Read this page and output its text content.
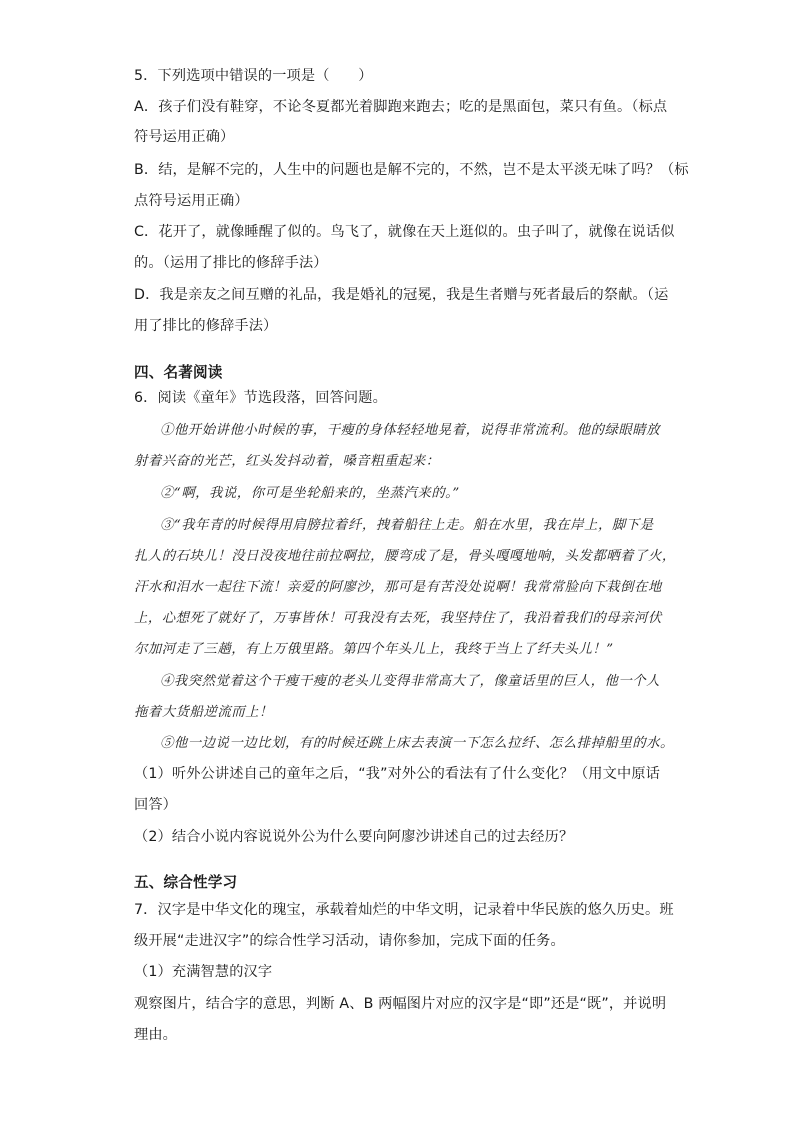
5．下列选项中错误的一项是（　　）
A．孩子们没有鞋穿，不论冬夏都光着脚跑来跑去；吃的是黑面包，菜只有鱼。（标点
符号运用正确）
B．结，是解不完的，人生中的问题也是解不完的，不然，岂不是太平淡无味了吗？（标
点符号运用正确）
C．花开了，就像睡醒了似的。鸟飞了，就像在天上逛似的。虫子叫了，就像在说话似
的。（运用了排比的修辞手法）
D．我是亲友之间互赠的礼品，我是婚礼的冠冕，我是生者赠与死者最后的祭献。（运
用了排比的修辞手法）
四、名著阅读
6．阅读《童年》节选段落，回答问题。
①他开始讲他小时候的事，干瘦的身体轻轻地晃着，说得非常流利。他的绿眼睛放
射着兴奋的光芒，红头发抖动着，嗓音粗重起来：
②“啊，我说，你可是坐轮船来的，坐蒸汽来的。”
③“我年青的时候得用肩膀拉着纤，拽着船往上走。船在水里，我在岸上，脚下是
扎人的石块儿！没日没夜地往前拉啊拉，腰弯成了是，骨头嘎嘎地响，头发都晒着了火，
汗水和泪水一起往下流！亲爱的阿廖沙，那可是有苦没处说啊！我常常脸向下栽倒在地
上，心想死了就好了，万事皆休！可我没有去死，我坚持住了，我沿着我们的母亲河伏
尔加河走了三趟，有上万俄里路。第四个年头儿上，我终于当上了纤夫头儿！”
④我突然觉着这个干瘦干瘦的老头儿变得非常高大了，像童话里的巨人，他一个人
拖着大货船逆流而上！
⑤他一边说一边比划，有的时候还跳上床去表演一下怎么拉纤、怎么排掉船里的水。
（1）听外公讲述自己的童年之后，“我”对外公的看法有了什么变化？（用文中原话
回答）
（2）结合小说内容说说外公为什么要向阿廖沙讲述自己的过去经历？
五、综合性学习
7．汉字是中华文化的瑰宝，承载着灿烂的中华文明，记录着中华民族的悠久历史。班
级开展“走进汉字”的综合性学习活动，请你参加，完成下面的任务。
（1）充满智慧的汉字
观察图片，结合字的意思，判断 A、B 两幅图片对应的汉字是“即”还是“既”，并说明
理由。
